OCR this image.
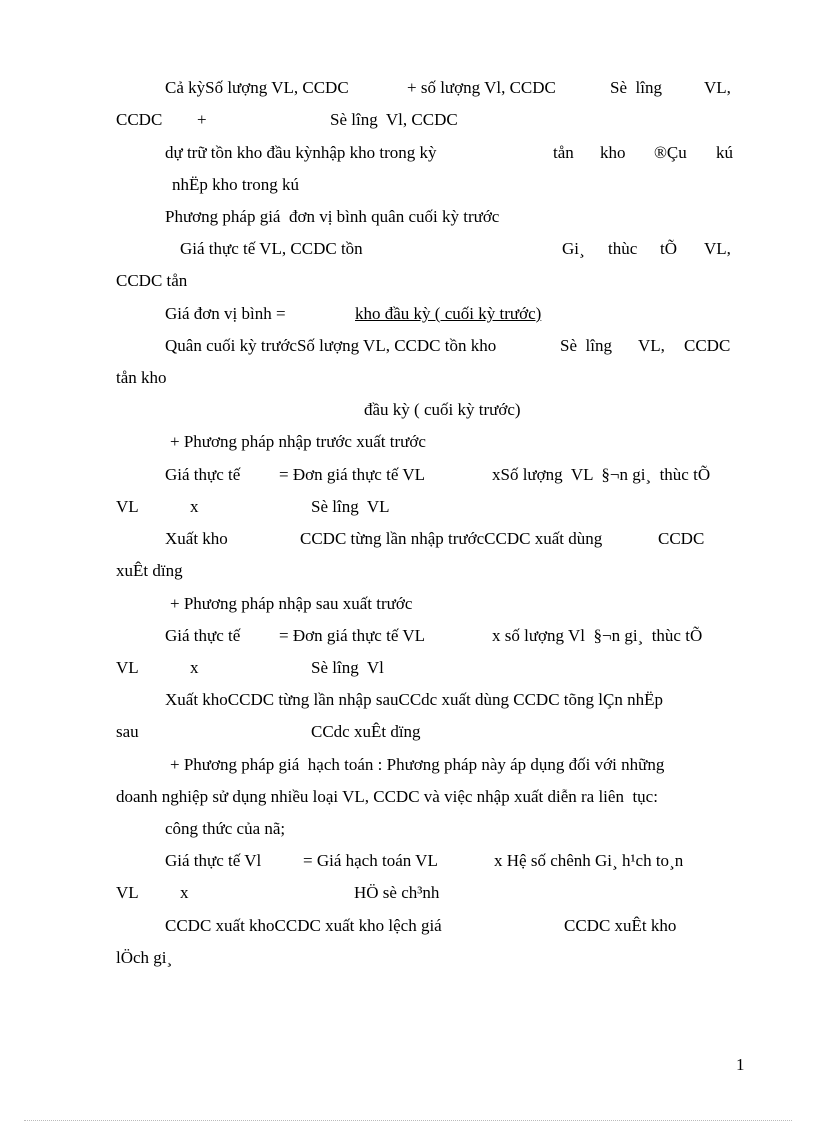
Cả kỳSố lượng VL, CCDC	+ số lượng Vl, CCDC	Sè  lîng VL,
CCDC +	Sè lîng  Vl, CCDC
dự trữ tồn kho đầu kỳnhập kho trong kỳ	tån kho ®Çu kú
nhËp kho trong kú
Phương pháp giá  đơn vị bình quân cuối kỳ trước
Giá thực tế VL, CCDC tồn	Gi¸ thùc tÕ VL,
CCDC tån
Giá đơn vị bình =	kho đầu kỳ ( cuối kỳ trước)
Quân cuối kỳ trướcSố lượng VL, CCDC tồn kho	Sè  lîng VL, CCDC
tån kho
đầu kỳ ( cuối kỳ trước)
+ Phương pháp nhập trước xuất trước
Giá thực tế = Đơn giá thực tế VL	xSố lượng  VL  §¬n gi¸  thùc tÕ
VL	x	Sè lîng  VL
Xuất kho	CCDC từng lần nhập trướcCCDC xuất dùng	CCDC
xuÊt dïng
+ Phương pháp nhập sau xuất trước
Giá thực tế = Đơn giá thực tế VL	x số lượng Vl  §¬n gi¸  thùc tÕ
VL	x	Sè lîng  Vl
Xuất khoCCDC từng lần nhập sauCCdc xuất dùng CCDC tõng lÇn nhËp
sau	CCdc xuÊt dïng
+ Phương pháp giá  hạch toán : Phương pháp này áp dụng đối với những
doanh nghiệp sử dụng nhiều loại VL, CCDC và việc nhập xuất diễn ra liên  tục:
công thức của nã;
Giá thực tế Vl = Giá hạch toán VL	x Hệ số chênh Gi¸ h¹ch to¸n
VL x	HÖ sè ch³nh
CCDC xuất khoCCDC xuất kho lệch giá	CCDC xuÊt kho
lÖch gi¸
1
